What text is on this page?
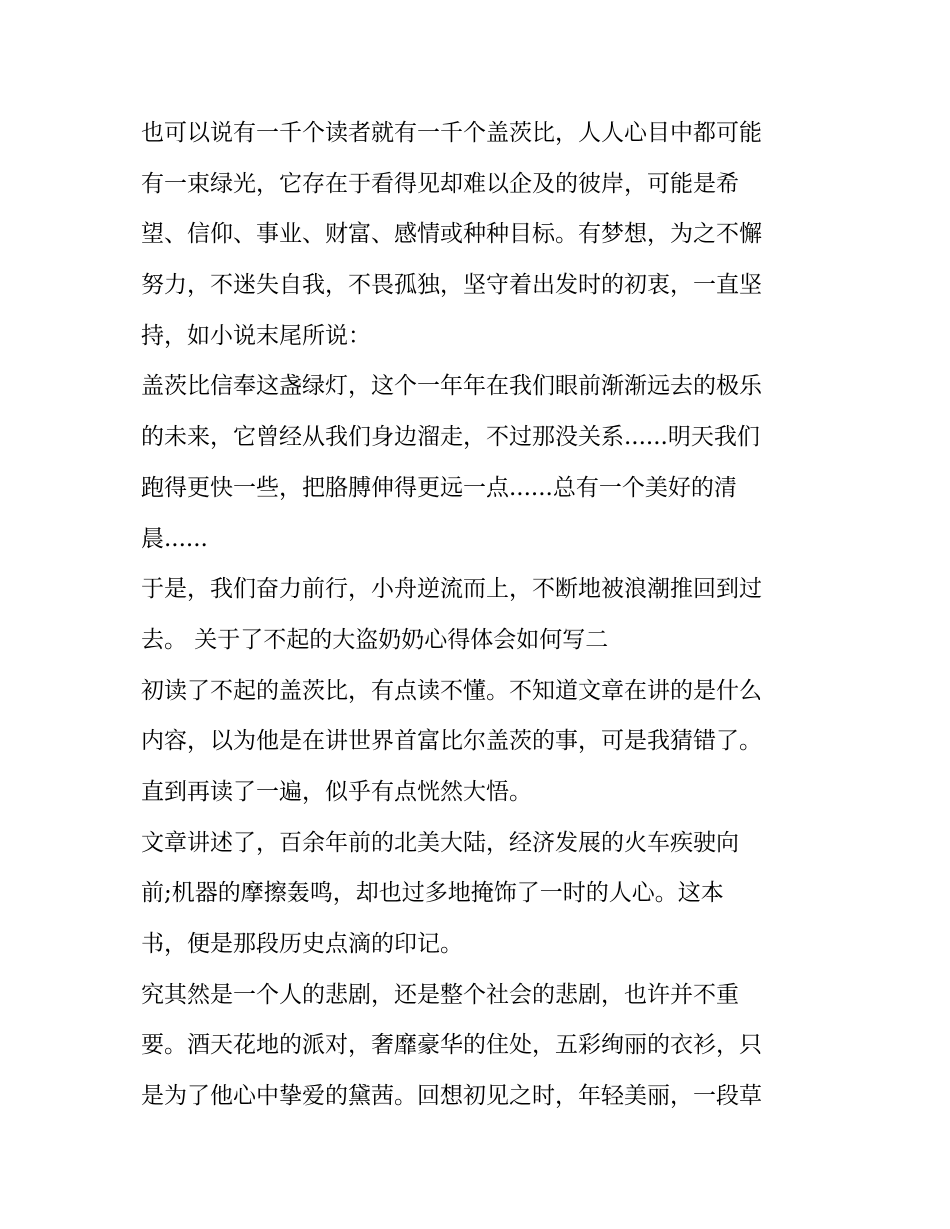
也可以说有一千个读者就有一千个盖茨比，人人心目中都可能
有一束绿光，它存在于看得见却难以企及的彼岸，可能是希
望、信仰、事业、财富、感情或种种目标。有梦想，为之不懈
努力，不迷失自我，不畏孤独，坚守着出发时的初衷，一直坚
持，如小说末尾所说：
盖茨比信奉这盏绿灯，这个一年年在我们眼前渐渐远去的极乐
的未来，它曾经从我们身边溜走，不过那没关系......明天我们
跑得更快一些，把胳膊伸得更远一点......总有一个美好的清
晨......
于是，我们奋力前行，小舟逆流而上，不断地被浪潮推回到过
去。 关于了不起的大盗奶奶心得体会如何写二
初读了不起的盖茨比，有点读不懂。不知道文章在讲的是什么
内容，以为他是在讲世界首富比尔盖茨的事，可是我猜错了。
直到再读了一遍，似乎有点恍然大悟。
文章讲述了，百余年前的北美大陆，经济发展的火车疾驶向
前;机器的摩擦轰鸣，却也过多地掩饰了一时的人心。这本
书，便是那段历史点滴的印记。
究其然是一个人的悲剧，还是整个社会的悲剧，也许并不重
要。酒天花地的派对，奢靡豪华的住处，五彩绚丽的衣衫，只
是为了他心中挚爱的黛茜。回想初见之时，年轻美丽，一段草
